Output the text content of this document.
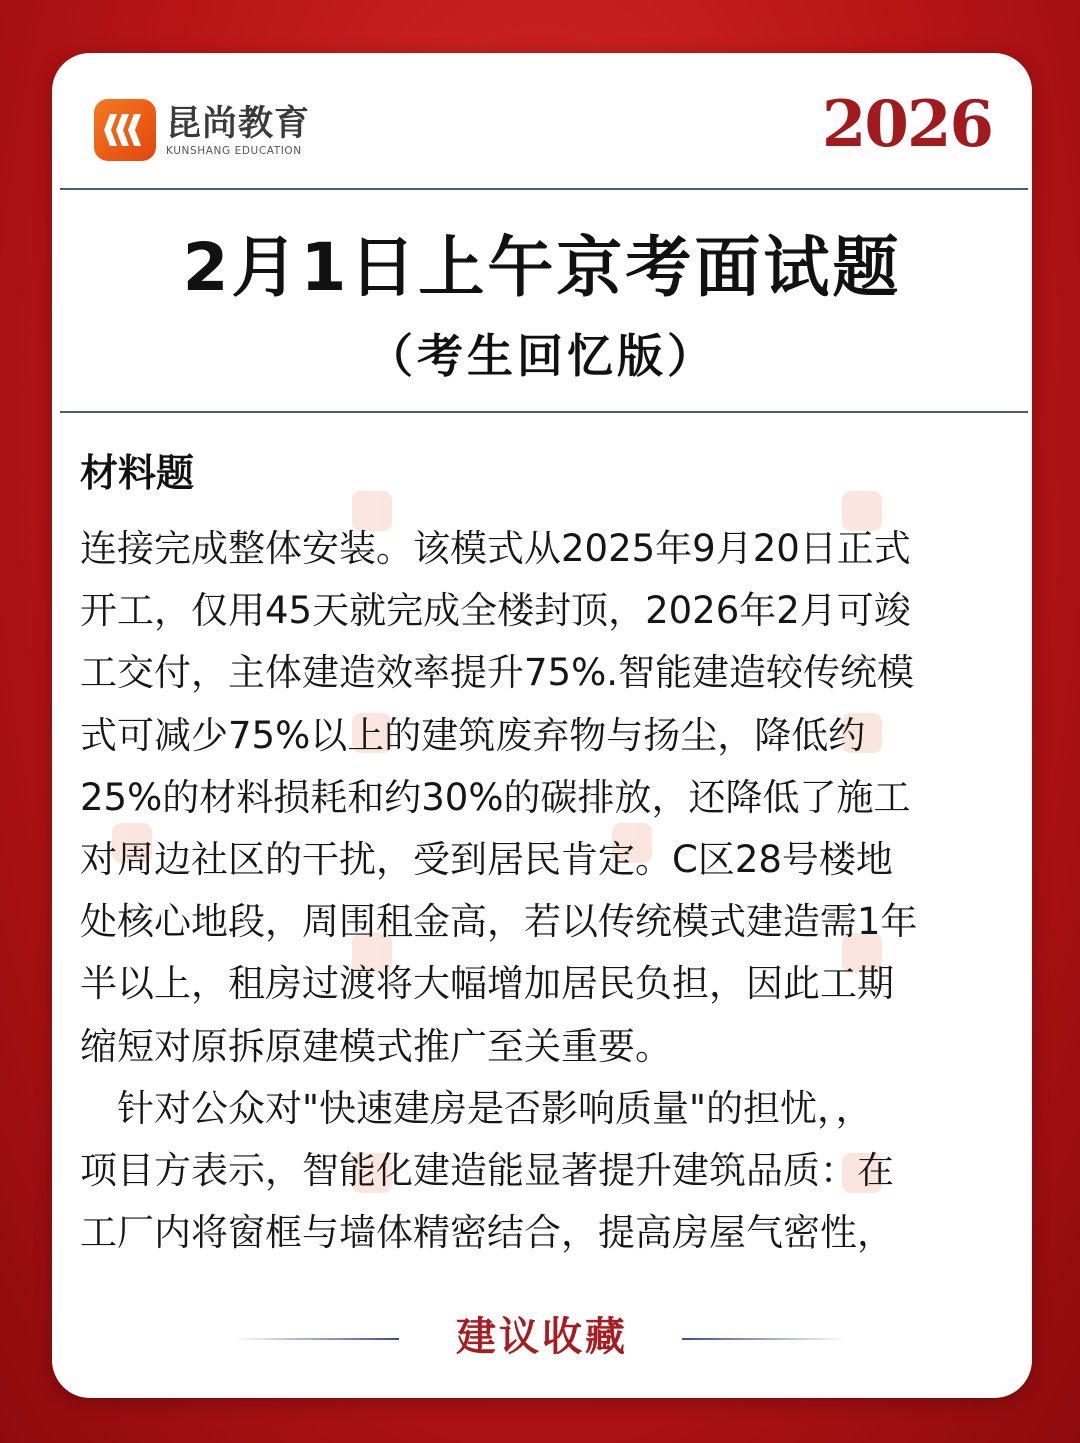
昆尚教育
KUNSHANG EDUCATION	2026
2月1日上午京考面试题
（考生回忆版）
材料题

连接完成整体安装。该模式从2025年9月20日正式
开工，仅用45天就完成全楼封顶，2026年2月可竣
工交付，主体建造效率提升75%.智能建造较传统模
式可减少75%以上的建筑废弃物与扬尘，降低约
25%的材料损耗和约30%的碳排放，还降低了施工
对周边社区的干扰，受到居民肯定。C区28号楼地
处核心地段，周围租金高，若以传统模式建造需1年
半以上，租房过渡将大幅增加居民负担，因此工期
缩短对原拆原建模式推广至关重要。
　针对公众对"快速建房是否影响质量"的担忧，，
项目方表示，智能化建造能显著提升建筑品质：在
工厂内将窗框与墙体精密结合，提高房屋气密性，
建议收藏
